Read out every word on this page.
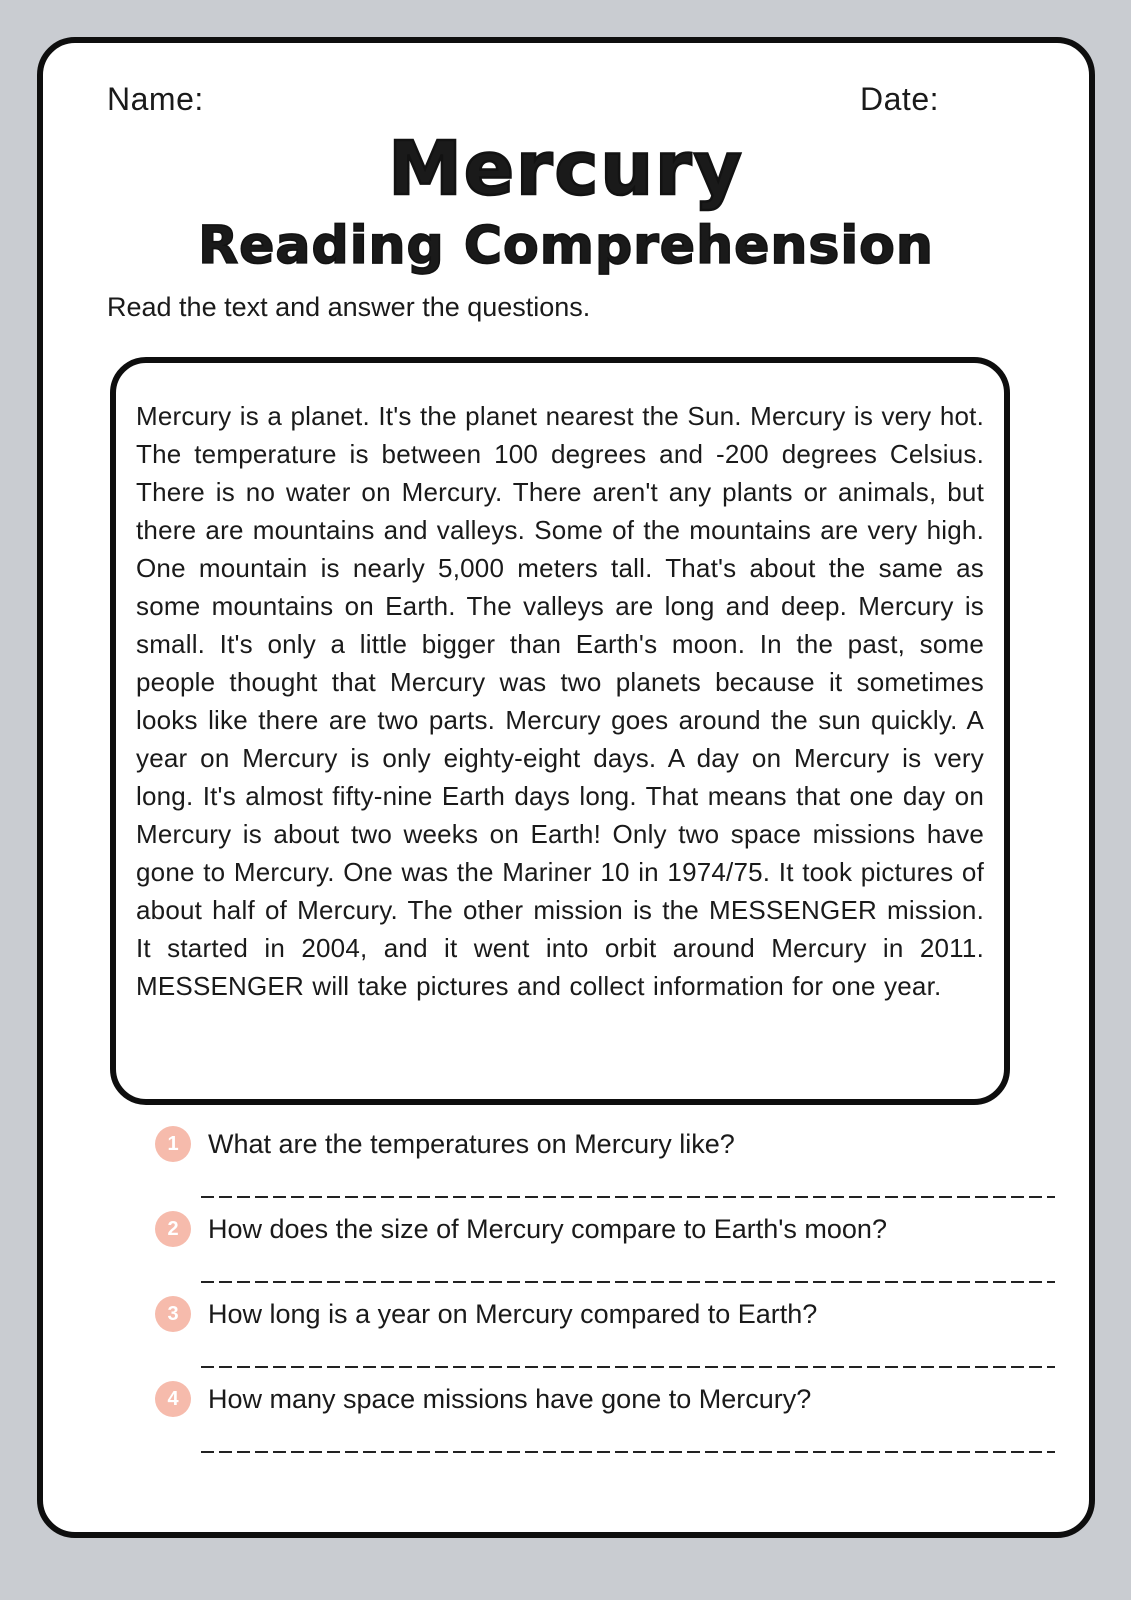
Name:	Date:
Mercury
Reading Comprehension
Read the text and answer the questions.
Mercury is a planet. It's the planet nearest the Sun. Mercury is very hot. The temperature is between 100 degrees and -200 degrees Celsius. There is no water on Mercury. There aren't any plants or animals, but there are mountains and valleys. Some of the mountains are very high. One mountain is nearly 5,000 meters tall. That's about the same as some mountains on Earth. The valleys are long and deep. Mercury is small. It's only a little bigger than Earth's moon. In the past, some people thought that Mercury was two planets because it sometimes looks like there are two parts. Mercury goes around the sun quickly. A year on Mercury is only eighty-eight days. A day on Mercury is very long. It's almost fifty-nine Earth days long. That means that one day on Mercury is about two weeks on Earth! Only two space missions have gone to Mercury. One was the Mariner 10 in 1974/75. It took pictures of about half of Mercury. The other mission is the MESSENGER mission. It started in 2004, and it went into orbit around Mercury in 2011. MESSENGER will take pictures and collect information for one year.
1	What are the temperatures on Mercury like?
2	How does the size of Mercury compare to Earth's moon?
3	How long is a year on Mercury compared to Earth?
4	How many space missions have gone to Mercury?
